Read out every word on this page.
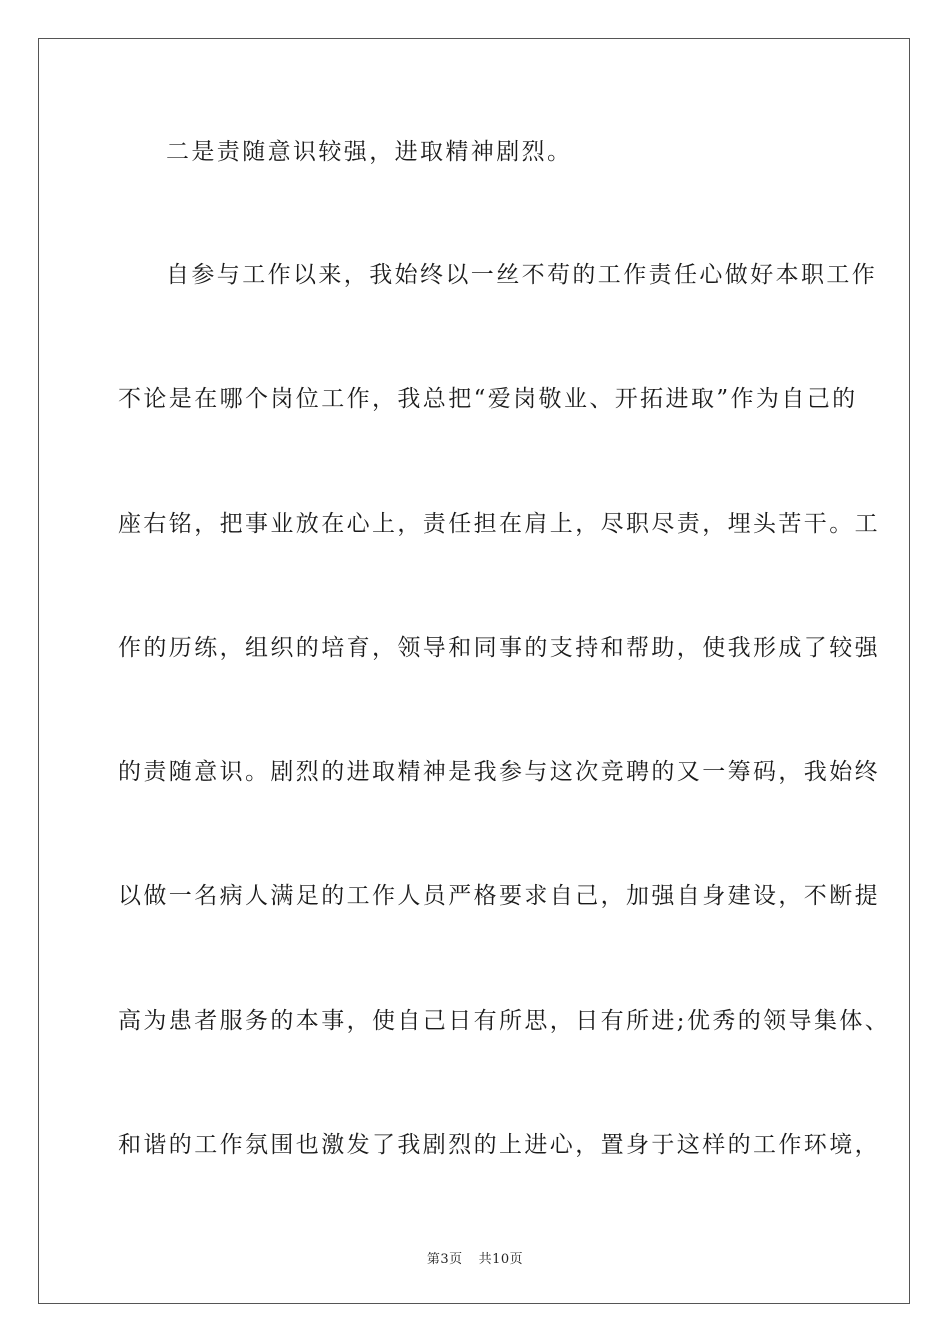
二是责随意识较强，进取精神剧烈。
自参与工作以来，我始终以一丝不苟的工作责任心做好本职工作
不论是在哪个岗位工作，我总把“爱岗敬业、开拓进取”作为自己的
座右铭，把事业放在心上，责任担在肩上，尽职尽责，埋头苦干。工
作的历练，组织的培育，领导和同事的支持和帮助，使我形成了较强
的责随意识。剧烈的进取精神是我参与这次竞聘的又一筹码，我始终
以做一名病人满足的工作人员严格要求自己，加强自身建设，不断提
高为患者服务的本事，使自己日有所思，日有所进;优秀的领导集体、
和谐的工作氛围也激发了我剧烈的上进心，置身于这样的工作环境，
第3页 共10页
